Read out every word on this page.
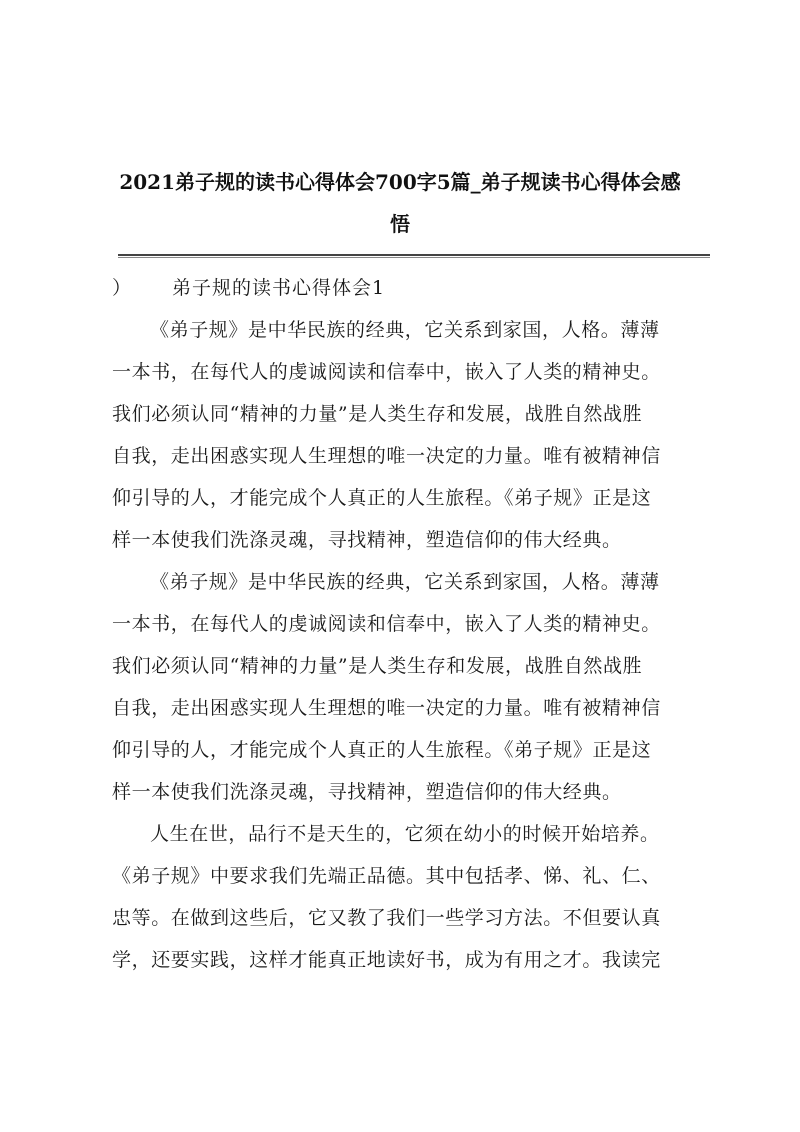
2021弟子规的读书心得体会700字5篇_弟子规读书心得体会感
悟
） 弟子规的读书心得体会1
《弟子规》是中华民族的经典，它关系到家国，人格。薄薄
一本书，在每代人的虔诚阅读和信奉中，嵌入了人类的精神史。
我们必须认同“精神的力量”是人类生存和发展，战胜自然战胜
自我，走出困惑实现人生理想的唯一决定的力量。唯有被精神信
仰引导的人，才能完成个人真正的人生旅程。《弟子规》正是这
样一本使我们洗涤灵魂，寻找精神，塑造信仰的伟大经典。
《弟子规》是中华民族的经典，它关系到家国，人格。薄薄
一本书，在每代人的虔诚阅读和信奉中，嵌入了人类的精神史。
我们必须认同“精神的力量”是人类生存和发展，战胜自然战胜
自我，走出困惑实现人生理想的唯一决定的力量。唯有被精神信
仰引导的人，才能完成个人真正的人生旅程。《弟子规》正是这
样一本使我们洗涤灵魂，寻找精神，塑造信仰的伟大经典。
人生在世，品行不是天生的，它须在幼小的时候开始培养。
《弟子规》中要求我们先端正品德。其中包括孝、悌、礼、仁、
忠等。在做到这些后，它又教了我们一些学习方法。不但要认真
学，还要实践，这样才能真正地读好书，成为有用之才。我读完
